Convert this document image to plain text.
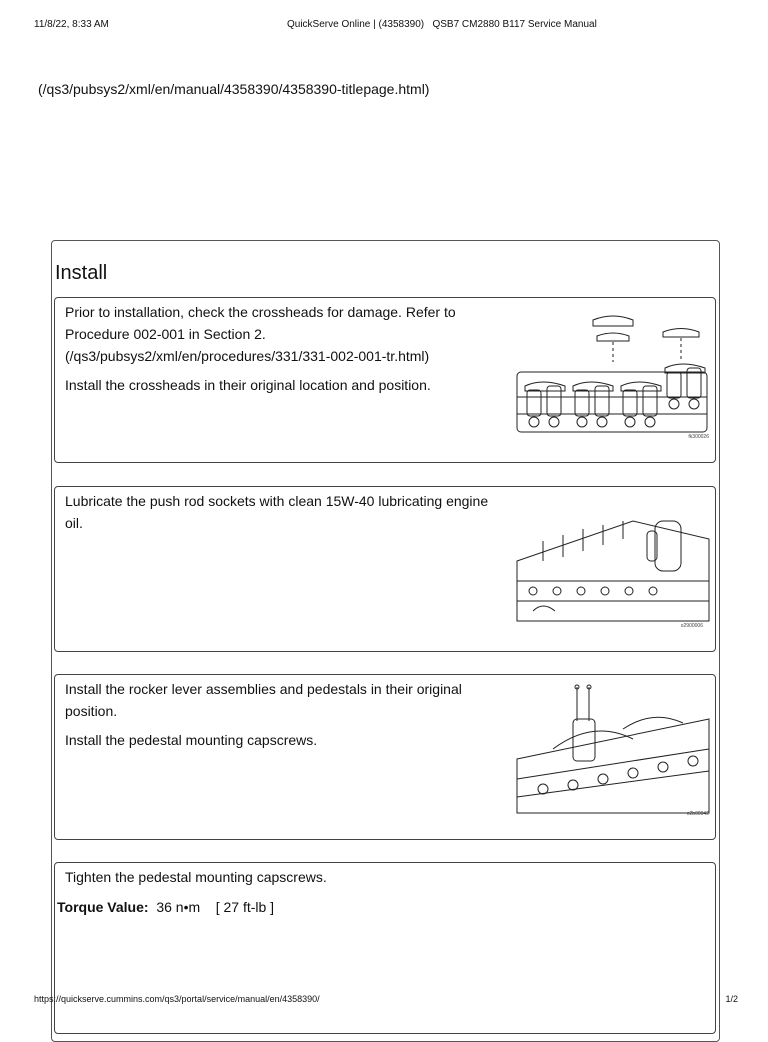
11/8/22, 8:33 AM	QuickServe Online | (4358390)   QSB7 CM2880 B117 Service Manual
(/qs3/pubsys2/xml/en/manual/4358390/4358390-titlepage.html)
Install

Prior to installation, check the crossheads for damage. Refer to Procedure 002-001 in Section 2.
(/qs3/pubsys2/xml/en/procedures/331/331-002-001-tr.html)

Install the crossheads in their original location and position.

fk300026

Lubricate the push rod sockets with clean 15W-40 lubricating engine oil.

o2900006

Install the rocker lever assemblies and pedestals in their original position.

Install the pedestal mounting capscrews.

o2b00042

Tighten the pedestal mounting capscrews.

Torque Value: 36 n•m [ 27 ft-lb ]
https://quickserve.cummins.com/qs3/portal/service/manual/en/4358390/	1/2
